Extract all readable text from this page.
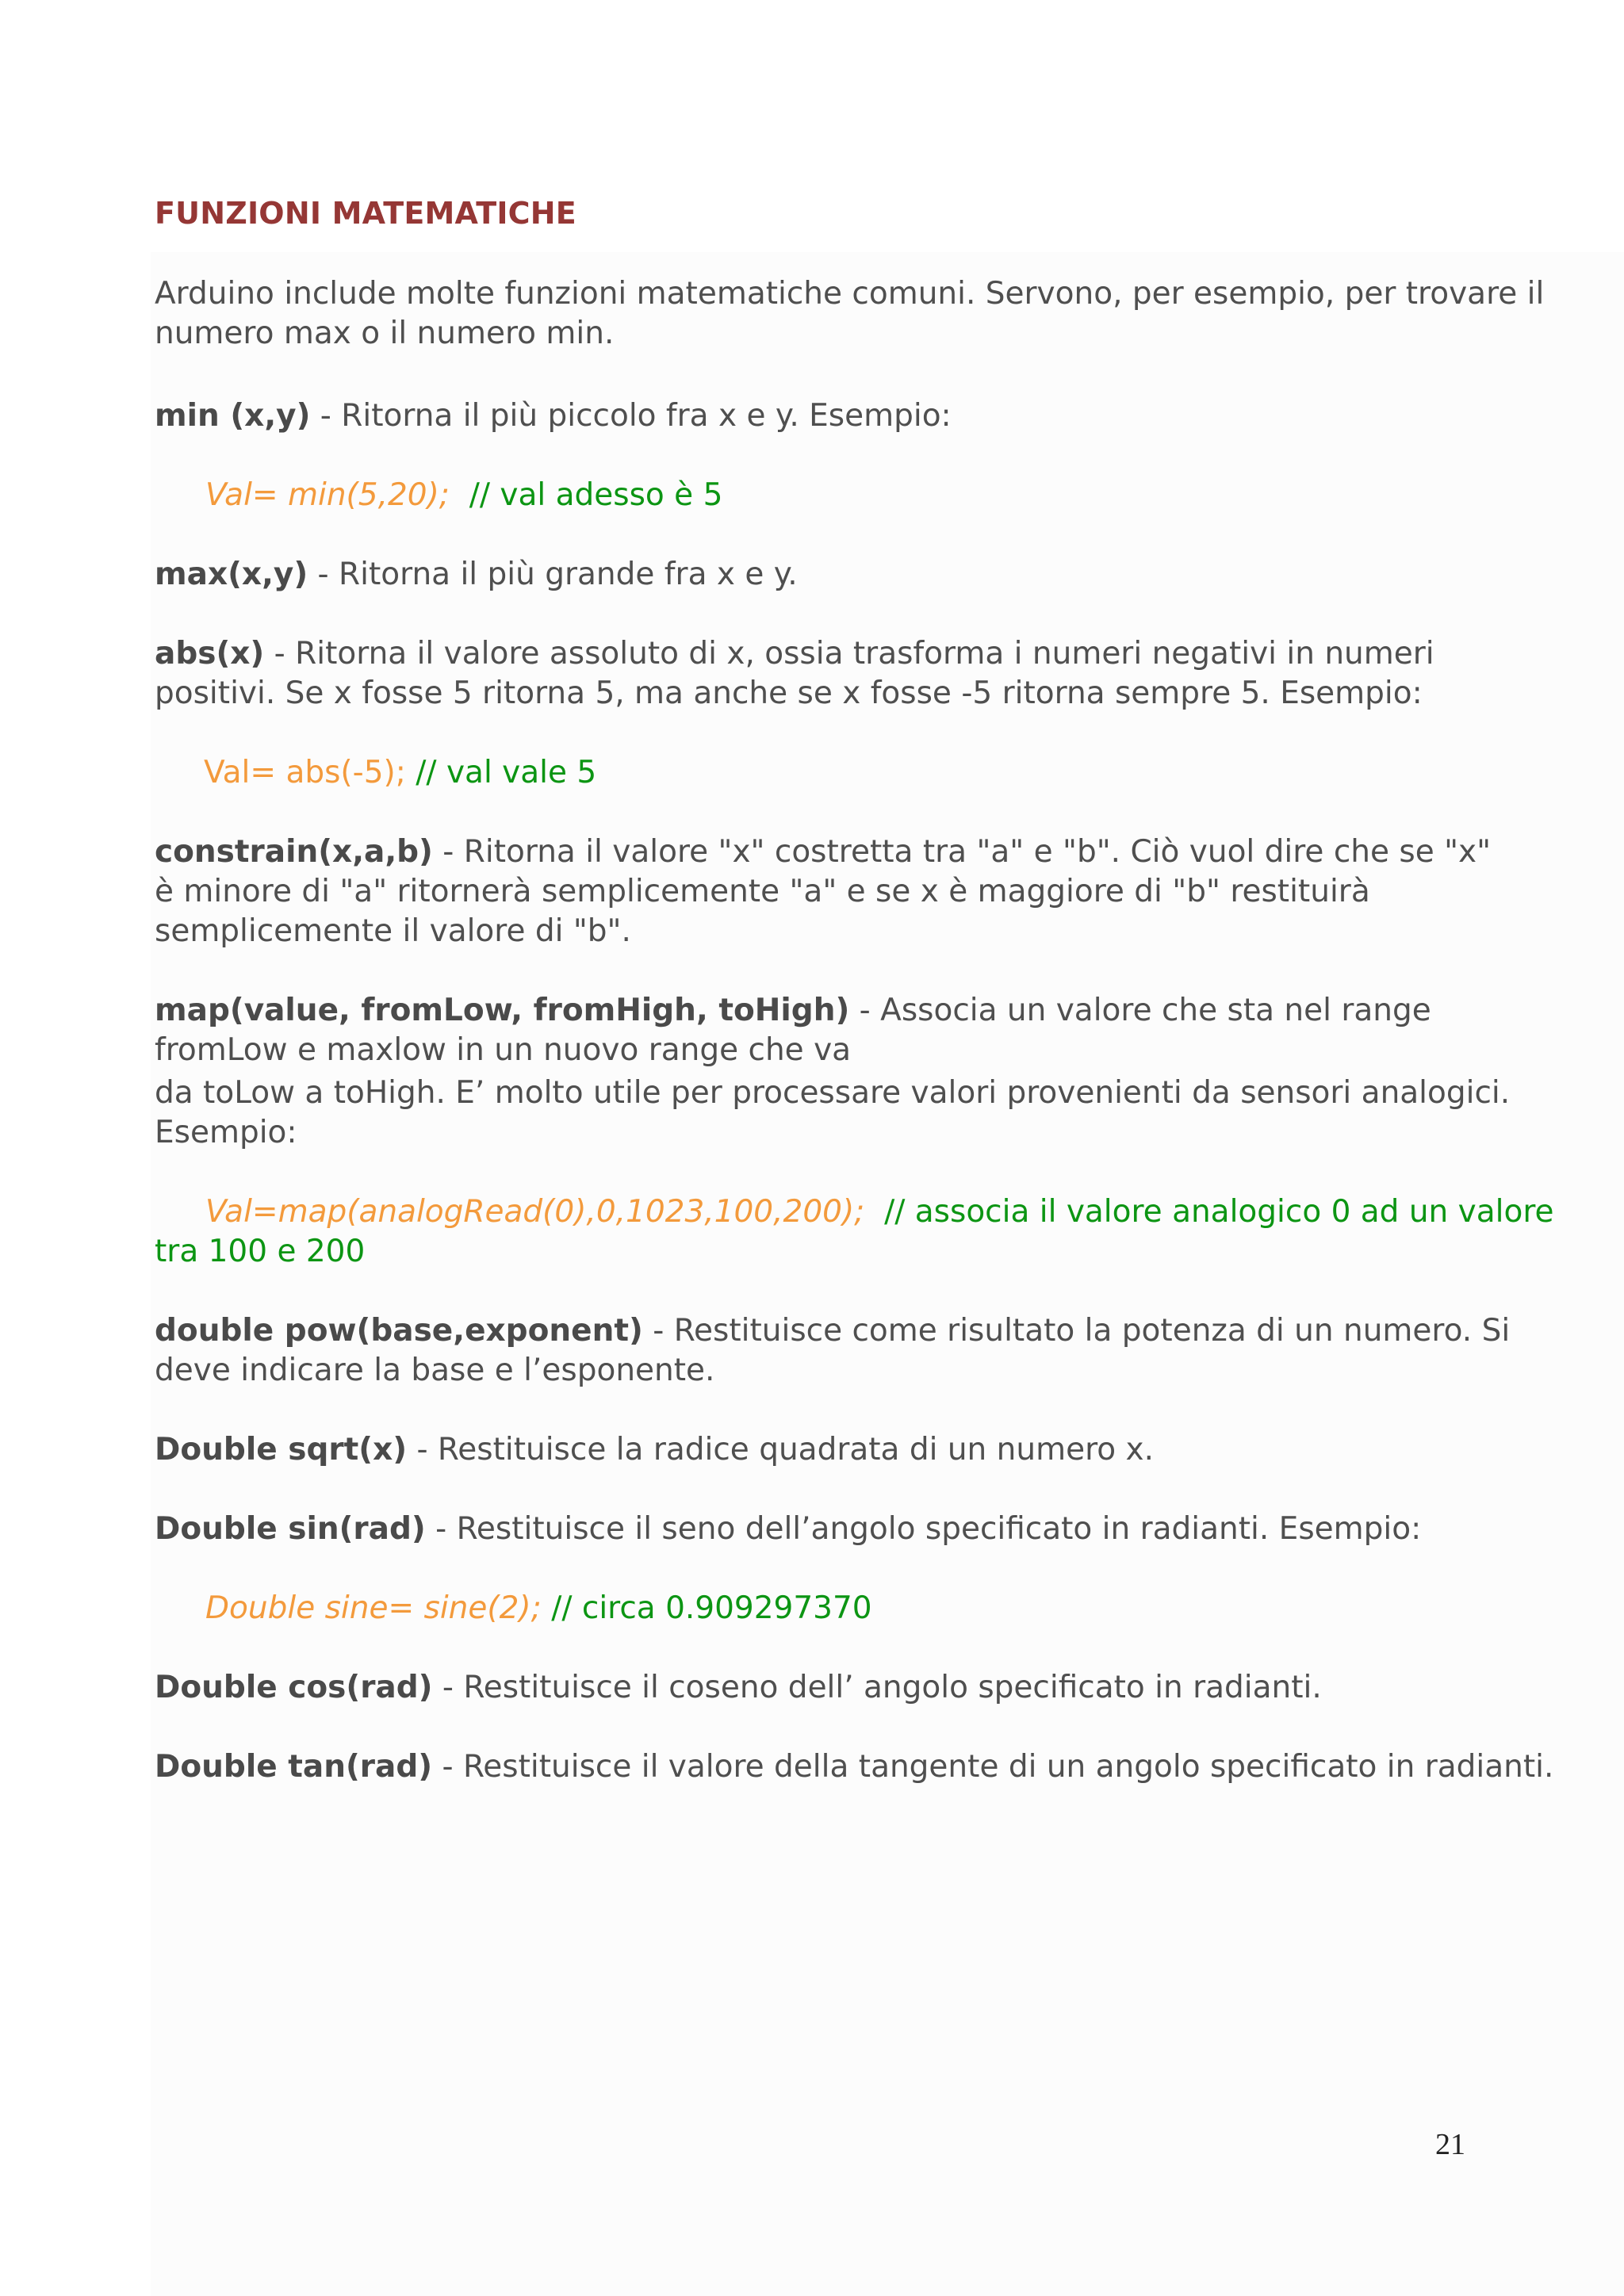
FUNZIONI MATEMATICHE

Arduino include molte funzioni matematiche comuni. Servono, per esempio, per trovare il

numero max o il numero min.

min (x,y) - Ritorna il più piccolo fra x e y. Esempio:

Val= min(5,20); // val adesso è 5

max(x,y) - Ritorna il più grande fra x e y.

abs(x) - Ritorna il valore assoluto di x, ossia trasforma i numeri negativi in numeri

positivi. Se x fosse 5 ritorna 5, ma anche se x fosse -5 ritorna sempre 5. Esempio:

Val= abs(-5); // val vale 5

constrain(x,a,b) - Ritorna il valore "x" costretta tra "a" e "b". Ciò vuol dire che se "x"

è minore di "a" ritornerà semplicemente "a" e se x è maggiore di "b" restituirà

semplicemente il valore di "b".

map(value, fromLow, fromHigh, toHigh) - Associa un valore che sta nel range

fromLow e maxlow in un nuovo range che va

da toLow a toHigh. E’ molto utile per processare valori provenienti da sensori analogici.

Esempio:

Val=map(analogRead(0),0,1023,100,200); // associa il valore analogico 0 ad un valore

tra 100 e 200

double pow(base,exponent) - Restituisce come risultato la potenza di un numero. Si

deve indicare la base e l’esponente.

Double sqrt(x) - Restituisce la radice quadrata di un numero x.

Double sin(rad) - Restituisce il seno dell’angolo specificato in radianti. Esempio:

Double sine= sine(2); // circa 0.909297370

Double cos(rad) - Restituisce il coseno dell’ angolo specificato in radianti.

Double tan(rad) - Restituisce il valore della tangente di un angolo specificato in radianti.

21
